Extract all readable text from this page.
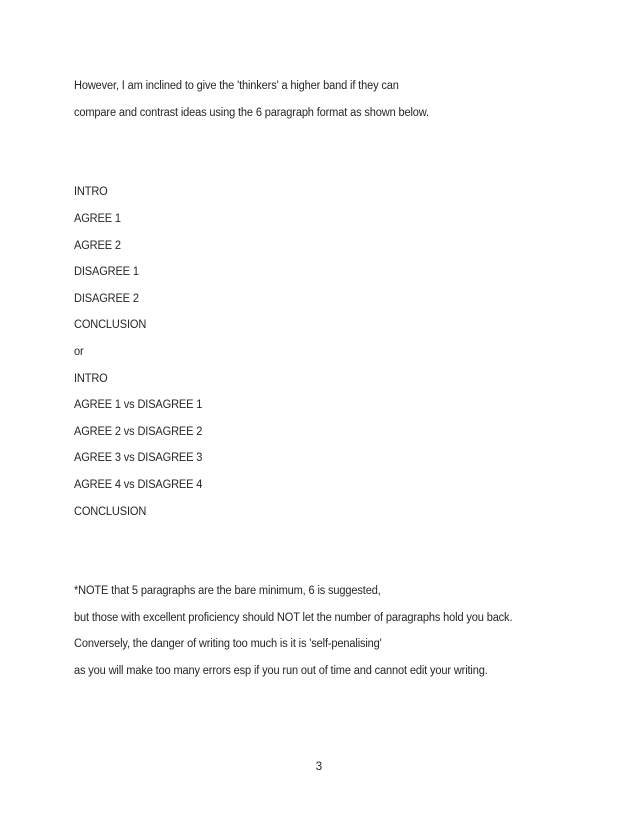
However, I am inclined to give the 'thinkers' a higher band if they can
compare and contrast ideas using the 6 paragraph format as shown below.
INTRO
AGREE 1
AGREE 2
DISAGREE 1
DISAGREE 2
CONCLUSION
or
INTRO
AGREE 1 vs DISAGREE 1
AGREE 2 vs DISAGREE 2
AGREE 3 vs DISAGREE 3
AGREE 4 vs DISAGREE 4
CONCLUSION
*NOTE that 5 paragraphs are the bare minimum, 6 is suggested,
but those with excellent proficiency should NOT let the number of paragraphs hold you back.
Conversely, the danger of writing too much is it is 'self-penalising'
as you will make too many errors esp if you run out of time and cannot edit your writing.
3
